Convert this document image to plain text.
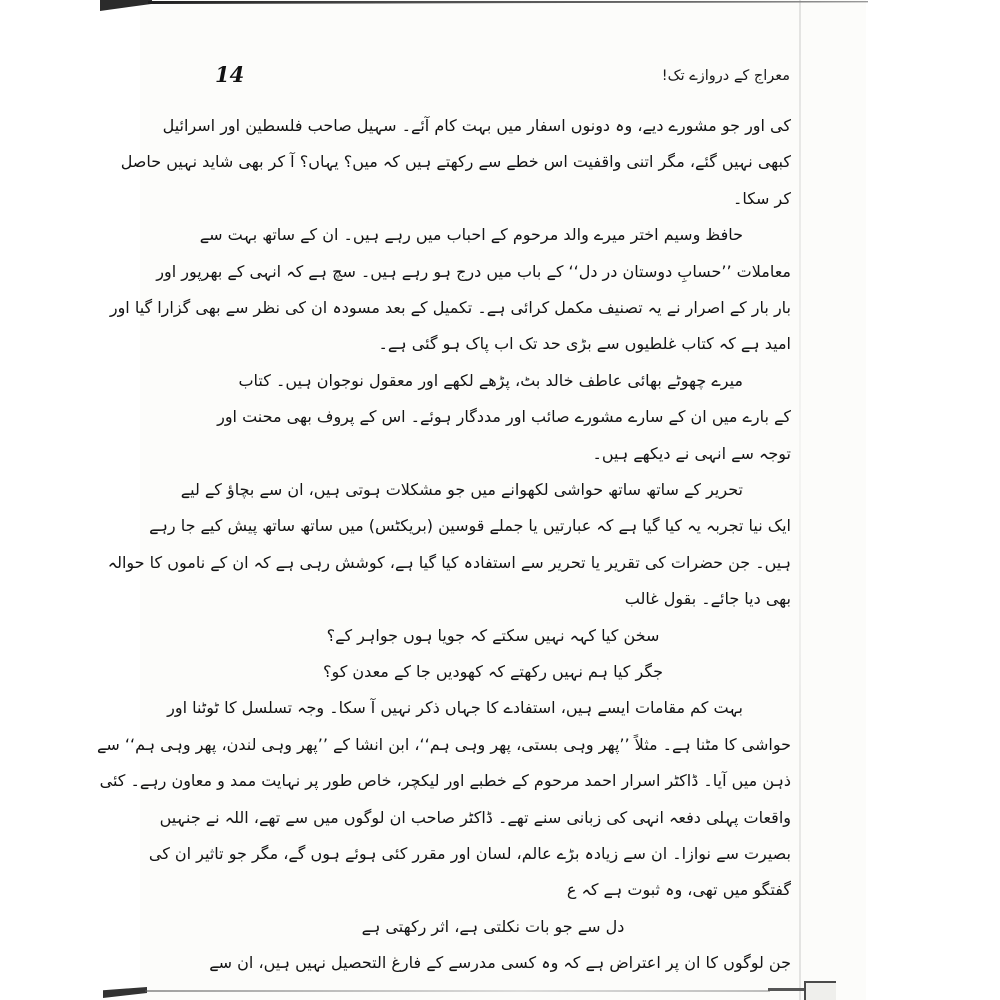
14	معراج کے دروازے تک!
کی اور جو مشورے دیے، وہ دونوں اسفار میں بہت کام آئے۔ سہیل صاحب فلسطین اور اسرائیل
کبھی نہیں گئے، مگر اتنی واقفیت اس خطے سے رکھتے ہیں کہ میں؟ یہاں؟ آ کر بھی شاید نہیں حاصل
کر سکا۔
حافظ وسیم اختر میرے والد مرحوم کے احباب میں رہے ہیں۔ ان کے ساتھ بہت سے
معاملات ’’حسابِ دوستان در دل‘‘ کے باب میں درج ہو رہے ہیں۔ سچ ہے کہ انہی کے بھرپور اور
بار بار کے اصرار نے یہ تصنیف مکمل کرائی ہے۔ تکمیل کے بعد مسودہ ان کی نظر سے بھی گزارا گیا اور
امید ہے کہ کتاب غلطیوں سے بڑی حد تک اب پاک ہو گئی ہے۔
میرے چھوٹے بھائی عاطف خالد بٹ، پڑھے لکھے اور معقول نوجوان ہیں۔ کتاب
کے بارے میں ان کے سارے مشورے صائب اور مددگار ہوئے۔ اس کے پروف بھی محنت اور
توجہ سے انہی نے دیکھے ہیں۔
تحریر کے ساتھ ساتھ حواشی لکھوانے میں جو مشکلات ہوتی ہیں، ان سے بچاؤ کے لیے
ایک نیا تجربہ یہ کیا گیا ہے کہ عبارتیں یا جملے قوسین (بریکٹس) میں ساتھ ساتھ پیش کیے جا رہے
ہیں۔ جن حضرات کی تقریر یا تحریر سے استفادہ کیا گیا ہے، کوشش رہی ہے کہ ان کے ناموں کا حوالہ
بھی دیا جائے۔ بقول غالب
سخن کیا کہہ نہیں سکتے کہ جویا ہوں جواہر کے؟
جگر کیا ہم نہیں رکھتے کہ کھودیں جا کے معدن کو؟
بہت کم مقامات ایسے ہیں، استفادے کا جہاں ذکر نہیں آ سکا۔ وجہ تسلسل کا ٹوٹنا اور
حواشی کا مٹنا ہے۔ مثلاً ’’پھر وہی بستی، پھر وہی ہم‘‘، ابن انشا کے ’’پھر وہی لندن، پھر وہی ہم‘‘ سے
ذہن میں آیا۔ ڈاکٹر اسرار احمد مرحوم کے خطبے اور لیکچر، خاص طور پر نہایت ممد و معاون رہے۔ کئی
واقعات پہلی دفعہ انہی کی زبانی سنے تھے۔ ڈاکٹر صاحب ان لوگوں میں سے تھے، اللہ نے جنہیں
بصیرت سے نوازا۔ ان سے زیادہ بڑے عالم، لسان اور مقرر کئی ہوئے ہوں گے، مگر جو تاثیر ان کی
گفتگو میں تھی، وہ ثبوت ہے کہ ع
دل سے جو بات نکلتی ہے، اثر رکھتی ہے
جن لوگوں کا ان پر اعتراض ہے کہ وہ کسی مدرسے کے فارغ التحصیل نہیں ہیں، ان سے
